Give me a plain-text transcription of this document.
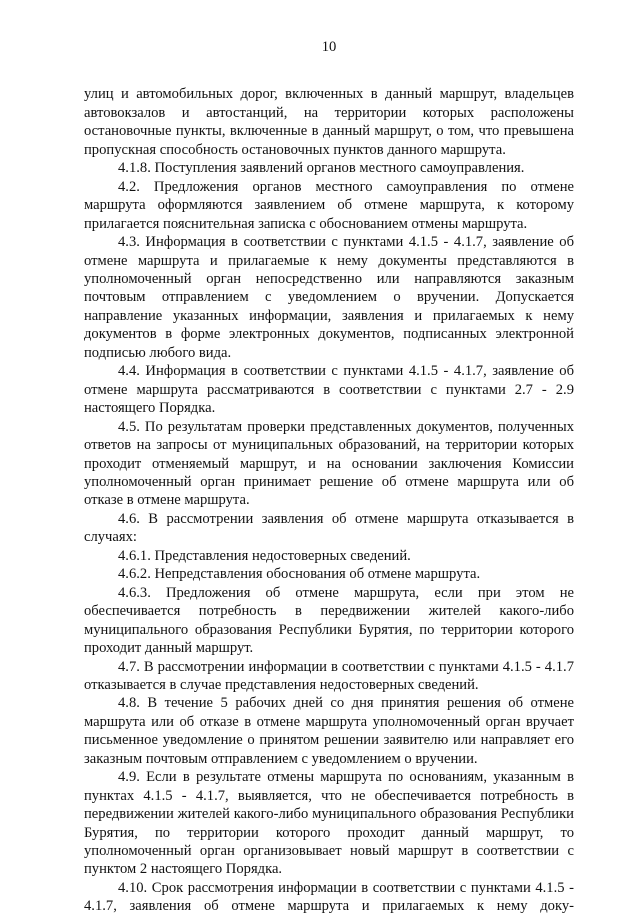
10

улиц и автомобильных дорог, включенных в данный маршрут, владельцев автовокзалов и автостанций, на территории которых расположены остановочные пункты, включенные в данный маршрут, о том, что превышена пропускная способность остановочных пунктов данного маршрута.

4.1.8. Поступления заявлений органов местного самоуправления.

4.2. Предложения органов местного самоуправления по отмене маршрута оформляются заявлением об отмене маршрута, к которому прилагается пояснительная записка с обоснованием отмены маршрута.

4.3. Информация в соответствии с пунктами 4.1.5 - 4.1.7, заявление об отмене маршрута и прилагаемые к нему документы представляются в уполномоченный орган непосредственно или направляются заказным почтовым отправлением с уведомлением о вручении. Допускается направление указанных информации, заявления и прилагаемых к нему документов в форме электронных документов, подписанных электронной подписью любого вида.

4.4. Информация в соответствии с пунктами 4.1.5 - 4.1.7, заявление об отмене маршрута рассматриваются в соответствии с пунктами 2.7 - 2.9 настоящего Порядка.

4.5. По результатам проверки представленных документов, полученных ответов на запросы от муниципальных образований, на территории которых проходит отменяемый маршрут, и на основании заключения Комиссии уполномоченный орган принимает решение об отмене маршрута или об отказе в отмене маршрута.

4.6. В рассмотрении заявления об отмене маршрута отказывается в случаях:

4.6.1. Представления недостоверных сведений.

4.6.2. Непредставления обоснования об отмене маршрута.

4.6.3. Предложения об отмене маршрута, если при этом не обеспечивается потребность в передвижении жителей какого-либо муниципального образования Республики Бурятия, по территории которого проходит данный маршрут.

4.7. В рассмотрении информации в соответствии с пунктами 4.1.5 - 4.1.7 отказывается в случае представления недостоверных сведений.

4.8. В течение 5 рабочих дней со дня принятия решения об отмене маршрута или об отказе в отмене маршрута уполномоченный орган вручает письменное уведомление о принятом решении заявителю или направляет его заказным почтовым отправлением с уведомлением о вручении.

4.9. Если в результате отмены маршрута по основаниям, указанным в пунктах 4.1.5 - 4.1.7, выявляется, что не обеспечивается потребность в передвижении жителей какого-либо муниципального образования Республики Бурятия, по территории которого проходит данный маршрут, то уполномоченный орган организовывает новый маршрут в соответствии с пунктом 2 настоящего Порядка.

4.10. Срок рассмотрения информации в соответствии с пунктами 4.1.5 - 4.1.7, заявления об отмене маршрута и прилагаемых к нему доку-
